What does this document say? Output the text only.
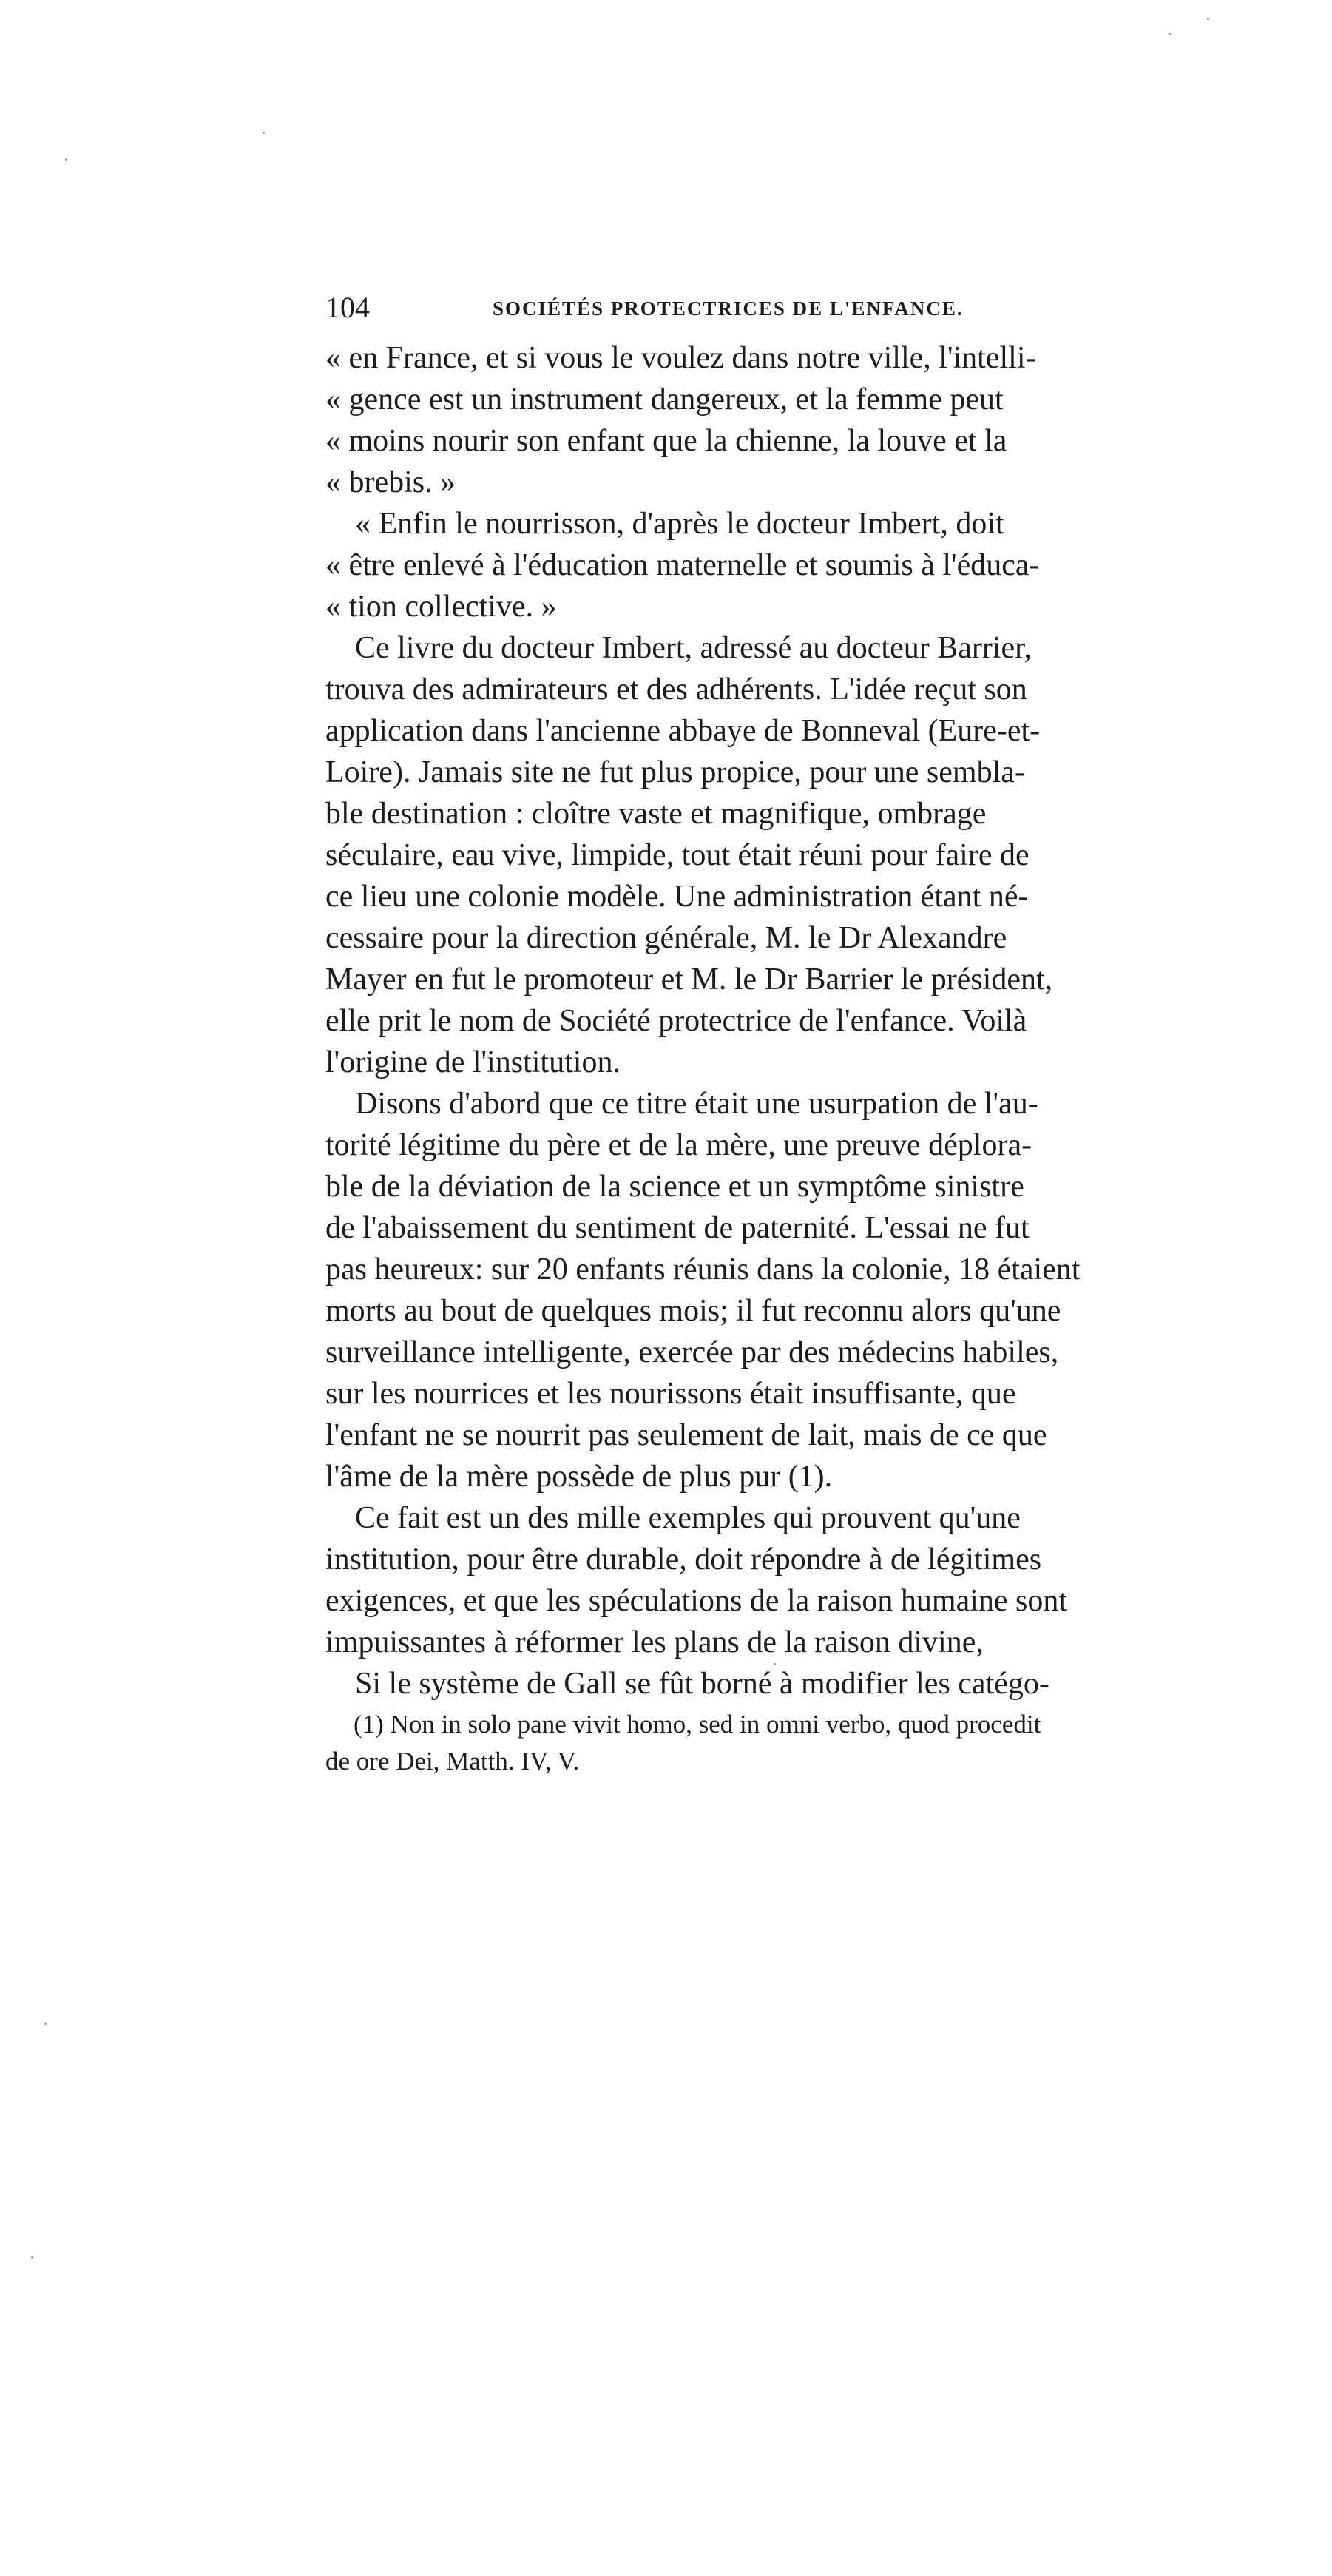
104	SOCIÉTÉS PROTECTRICES DE L'ENFANCE.
« en France, et si vous le voulez dans notre ville, l'intelli-
« gence est un instrument dangereux, et la femme peut
« moins nourir son enfant que la chienne, la louve et la
« brebis. »
« Enfin le nourrisson, d'après le docteur Imbert, doit
« être enlevé à l'éducation maternelle et soumis à l'éduca-
« tion collective. »
Ce livre du docteur Imbert, adressé au docteur Barrier,
trouva des admirateurs et des adhérents. L'idée reçut son
application dans l'ancienne abbaye de Bonneval (Eure-et-
Loire). Jamais site ne fut plus propice, pour une sembla-
ble destination : cloître vaste et magnifique, ombrage
séculaire, eau vive, limpide, tout était réuni pour faire de
ce lieu une colonie modèle. Une administration étant né-
cessaire pour la direction générale, M. le Dr Alexandre
Mayer en fut le promoteur et M. le Dr Barrier le président,
elle prit le nom de Société protectrice de l'enfance. Voilà
l'origine de l'institution.
Disons d'abord que ce titre était une usurpation de l'au-
torité légitime du père et de la mère, une preuve déplora-
ble de la déviation de la science et un symptôme sinistre
de l'abaissement du sentiment de paternité. L'essai ne fut
pas heureux: sur 20 enfants réunis dans la colonie, 18 étaient
morts au bout de quelques mois; il fut reconnu alors qu'une
surveillance intelligente, exercée par des médecins habiles,
sur les nourrices et les nourissons était insuffisante, que
l'enfant ne se nourrit pas seulement de lait, mais de ce que
l'âme de la mère possède de plus pur (1).
Ce fait est un des mille exemples qui prouvent qu'une
institution, pour être durable, doit répondre à de légitimes
exigences, et que les spéculations de la raison humaine sont
impuissantes à réformer les plans de la raison divine,
Si le système de Gall se fût borné à modifier les catégo-
(1) Non in solo pane vivit homo, sed in omni verbo, quod procedit
de ore Dei, Matth. IV, V.
